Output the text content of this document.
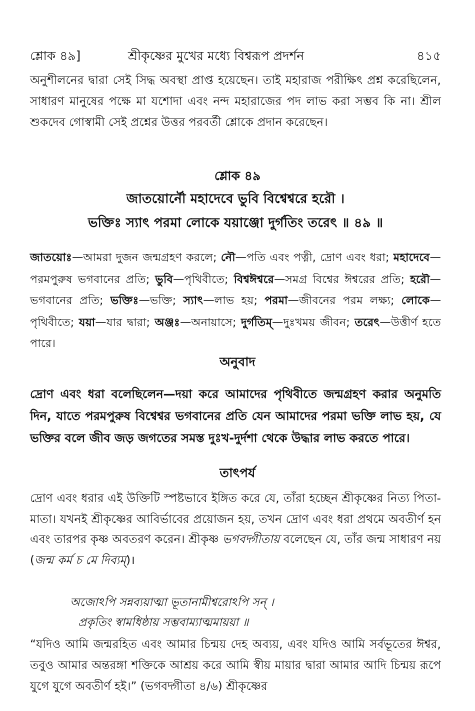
শ্লোক ৪৯]	শ্রীকৃষ্ণের মুখের মধ্যে বিশ্বরূপ প্রদর্শন	৪১৫
অনুশীলনের দ্বারা সেই সিদ্ধ অবস্থা প্রাপ্ত হয়েছেন। তাই মহারাজ পরীক্ষিৎ প্রশ্ন করেছিলেন, সাধারণ মানুষের পক্ষে মা যশোদা এবং নন্দ মহারাজের পদ লাভ করা সম্ভব কি না। শ্রীল শুকদেব গোস্বামী সেই প্রশ্নের উত্তর পরবর্তী শ্লোকে প্রদান করেছেন।
শ্লোক ৪৯
জাতয়োর্নৌ মহাদেবে ভুবি বিশ্বেশ্বরে হরৌ ।
ভক্তিঃ স্যাৎ পরমা লোকে যয়াঞ্জো দুর্গতিং তরেৎ ॥ ৪৯ ॥
জাতয়োঃ—আমরা দুজন জন্মগ্রহণ করলে; নৌ—পতি এবং পত্নী, দ্রোণ এবং ধরা; মহাদেবে—পরমপুরুষ ভগবানের প্রতি; ভুবি—পৃথিবীতে; বিশ্বঈশ্বরে—সমগ্র বিশ্বের ঈশ্বরের প্রতি; হরৌ—ভগবানের প্রতি; ভক্তিঃ—ভক্তি; স্যাৎ—লাভ হয়; পরমা—জীবনের পরম লক্ষ্য; লোকে—পৃথিবীতে; যয়া—যার দ্বারা; অঞ্জঃ—অনায়াসে; দুর্গতিম্—দুঃখময় জীবন; তরেৎ—উত্তীর্ণ হতে পারে।
অনুবাদ
দ্রোণ এবং ধরা বলেছিলেন—দয়া করে আমাদের পৃথিবীতে জন্মগ্রহণ করার অনুমতি দিন, যাতে পরমপুরুষ বিশ্বেশ্বর ভগবানের প্রতি যেন আমাদের পরমা ভক্তি লাভ হয়, যে ভক্তির বলে জীব জড় জগতের সমস্ত দুঃখ-দুর্দশা থেকে উদ্ধার লাভ করতে পারে।
তাৎপর্য
দ্রোণ এবং ধরার এই উক্তিটি স্পষ্টভাবে ইঙ্গিত করে যে, তাঁরা হচ্ছেন শ্রীকৃষ্ণের নিত্য পিতা-মাতা। যখনই শ্রীকৃষ্ণের আবির্ভাবের প্রয়োজন হয়, তখন দ্রোণ এবং ধরা প্রথমে অবতীর্ণ হন এবং তারপর কৃষ্ণ অবতরণ করেন। শ্রীকৃষ্ণ ভগবদ্গীতায় বলেছেন যে, তাঁর জন্ম সাধারণ নয় (জন্ম কর্ম চ মে দিব্যম্)।
অজোঽপি সন্নব্যয়াত্মা ভূতানামীশ্বরোঽপি সন্ ।
প্রকৃতিং স্বামধিষ্ঠায় সম্ভবাম্যাত্মমায়য়া ॥
“যদিও আমি জন্মরহিত এবং আমার চিন্ময় দেহ অব্যয়, এবং যদিও আমি সর্বভূতের ঈশ্বর, তবুও আমার অন্তরঙ্গা শক্তিকে আশ্রয় করে আমি স্বীয় মায়ার দ্বারা আমার আদি চিন্ময় রূপে যুগে যুগে অবতীর্ণ হই।” (ভগবদ্গীতা ৪/৬) শ্রীকৃষ্ণের
